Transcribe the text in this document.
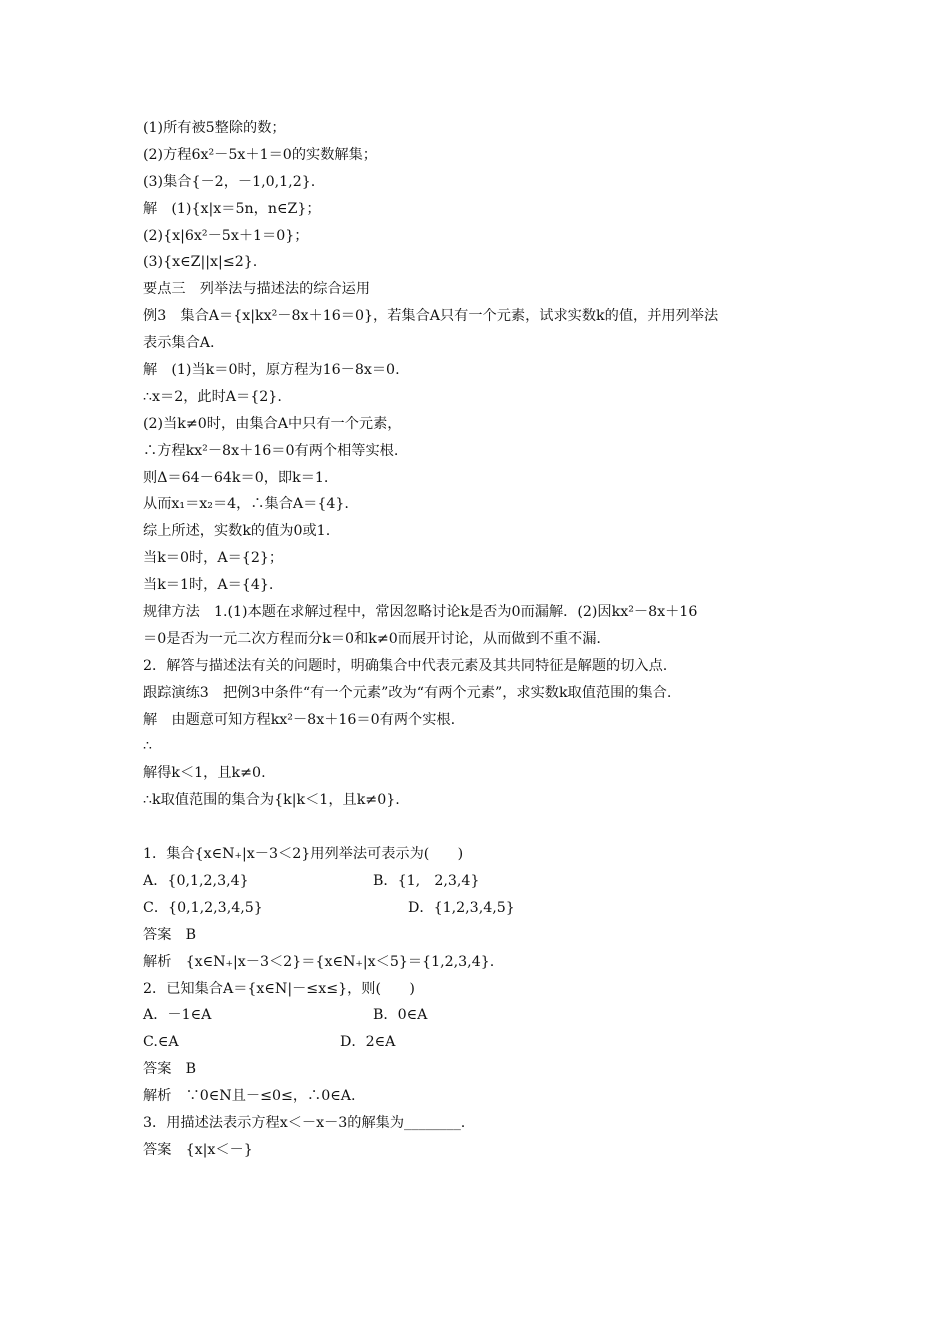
(1)所有被5整除的数；
(2)方程6x²－5x＋1＝0的实数解集；
(3)集合{－2，－1,0,1,2}.
解　(1){x|x＝5n，n∈Z}；
(2){x|6x²－5x＋1＝0}；
(3){x∈Z||x|≤2}.
要点三　列举法与描述法的综合运用
例3　集合A＝{x|kx²－8x＋16＝0}，若集合A只有一个元素，试求实数k的值，并用列举法
表示集合A.
解　(1)当k＝0时，原方程为16－8x＝0.
∴x＝2，此时A＝{2}.
(2)当k≠0时，由集合A中只有一个元素，
∴方程kx²－8x＋16＝0有两个相等实根.
则Δ＝64－64k＝0，即k＝1.
从而x₁＝x₂＝4，∴集合A＝{4}.
综上所述，实数k的值为0或1.
当k＝0时，A＝{2}；
当k＝1时，A＝{4}.
规律方法　1.(1)本题在求解过程中，常因忽略讨论k是否为0而漏解．(2)因kx²－8x＋16
＝0是否为一元二次方程而分k＝0和k≠0而展开讨论，从而做到不重不漏.
2．解答与描述法有关的问题时，明确集合中代表元素及其共同特征是解题的切入点.
跟踪演练3　把例3中条件“有一个元素”改为“有两个元素”，求实数k取值范围的集合.
解　由题意可知方程kx²－8x＋16＝0有两个实根.
∴
解得k＜1，且k≠0.
∴k取值范围的集合为{k|k＜1，且k≠0}.
1．集合{x∈N₊|x－3＜2}用列举法可表示为(　　)
A．{0,1,2,3,4}	B．{1,　2,3,4}
C．{0,1,2,3,4,5}	D．{1,2,3,4,5}
答案　B
解析　{x∈N₊|x－3＜2}＝{x∈N₊|x＜5}＝{1,2,3,4}.
2．已知集合A＝{x∈N|－≤x≤}，则(　　)
A．－1∈A	B．0∈A
C.∈A	D．2∈A
答案　B
解析　∵0∈N且－≤0≤，∴0∈A.
3．用描述法表示方程x＜－x－3的解集为________.
答案　{x|x＜－}
